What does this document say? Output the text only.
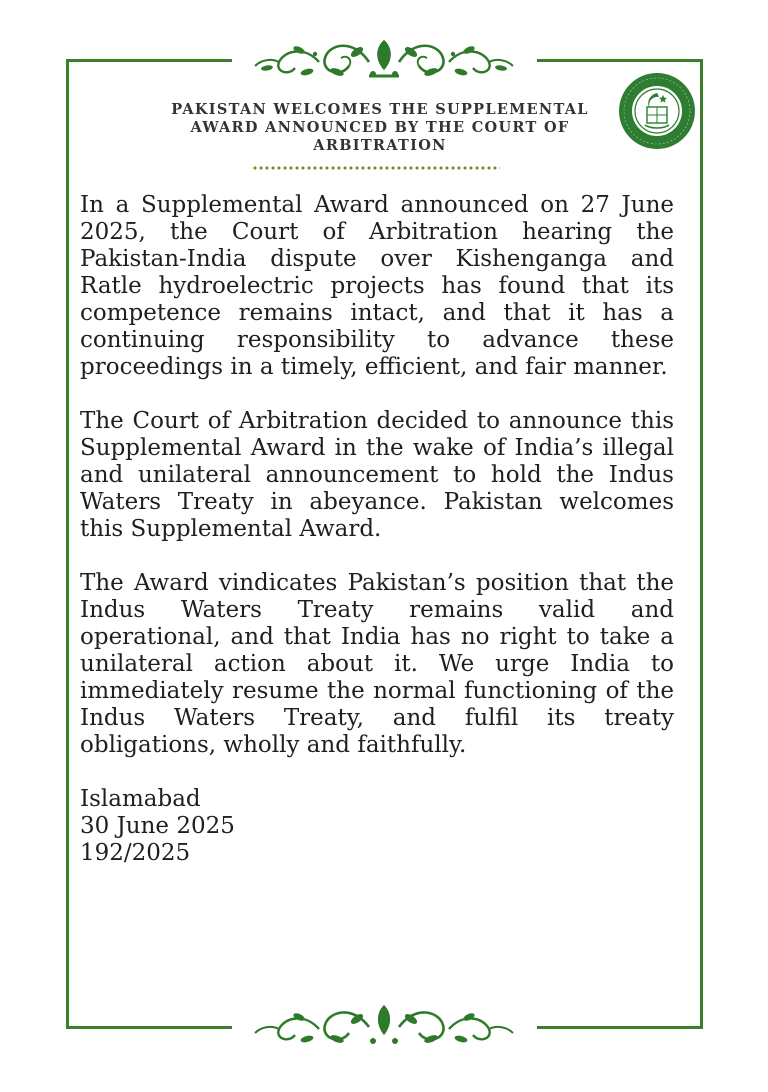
PAKISTAN WELCOMES THE SUPPLEMENTAL AWARD ANNOUNCED BY THE COURT OF ARBITRATION

In a Supplemental Award announced on 27 June 2025, the Court of Arbitration hearing the Pakistan-India dispute over Kishenganga and Ratle hydroelectric projects has found that its competence remains intact, and that it has a continuing responsibility to advance these proceedings in a timely, efficient, and fair manner.

The Court of Arbitration decided to announce this Supplemental Award in the wake of India’s illegal and unilateral announcement to hold the Indus Waters Treaty in abeyance. Pakistan welcomes this Supplemental Award.

The Award vindicates Pakistan’s position that the Indus Waters Treaty remains valid and operational, and that India has no right to take a unilateral action about it. We urge India to immediately resume the normal functioning of the Indus Waters Treaty, and fulfil its treaty obligations, wholly and faithfully.

Islamabad
30 June 2025
192/2025
